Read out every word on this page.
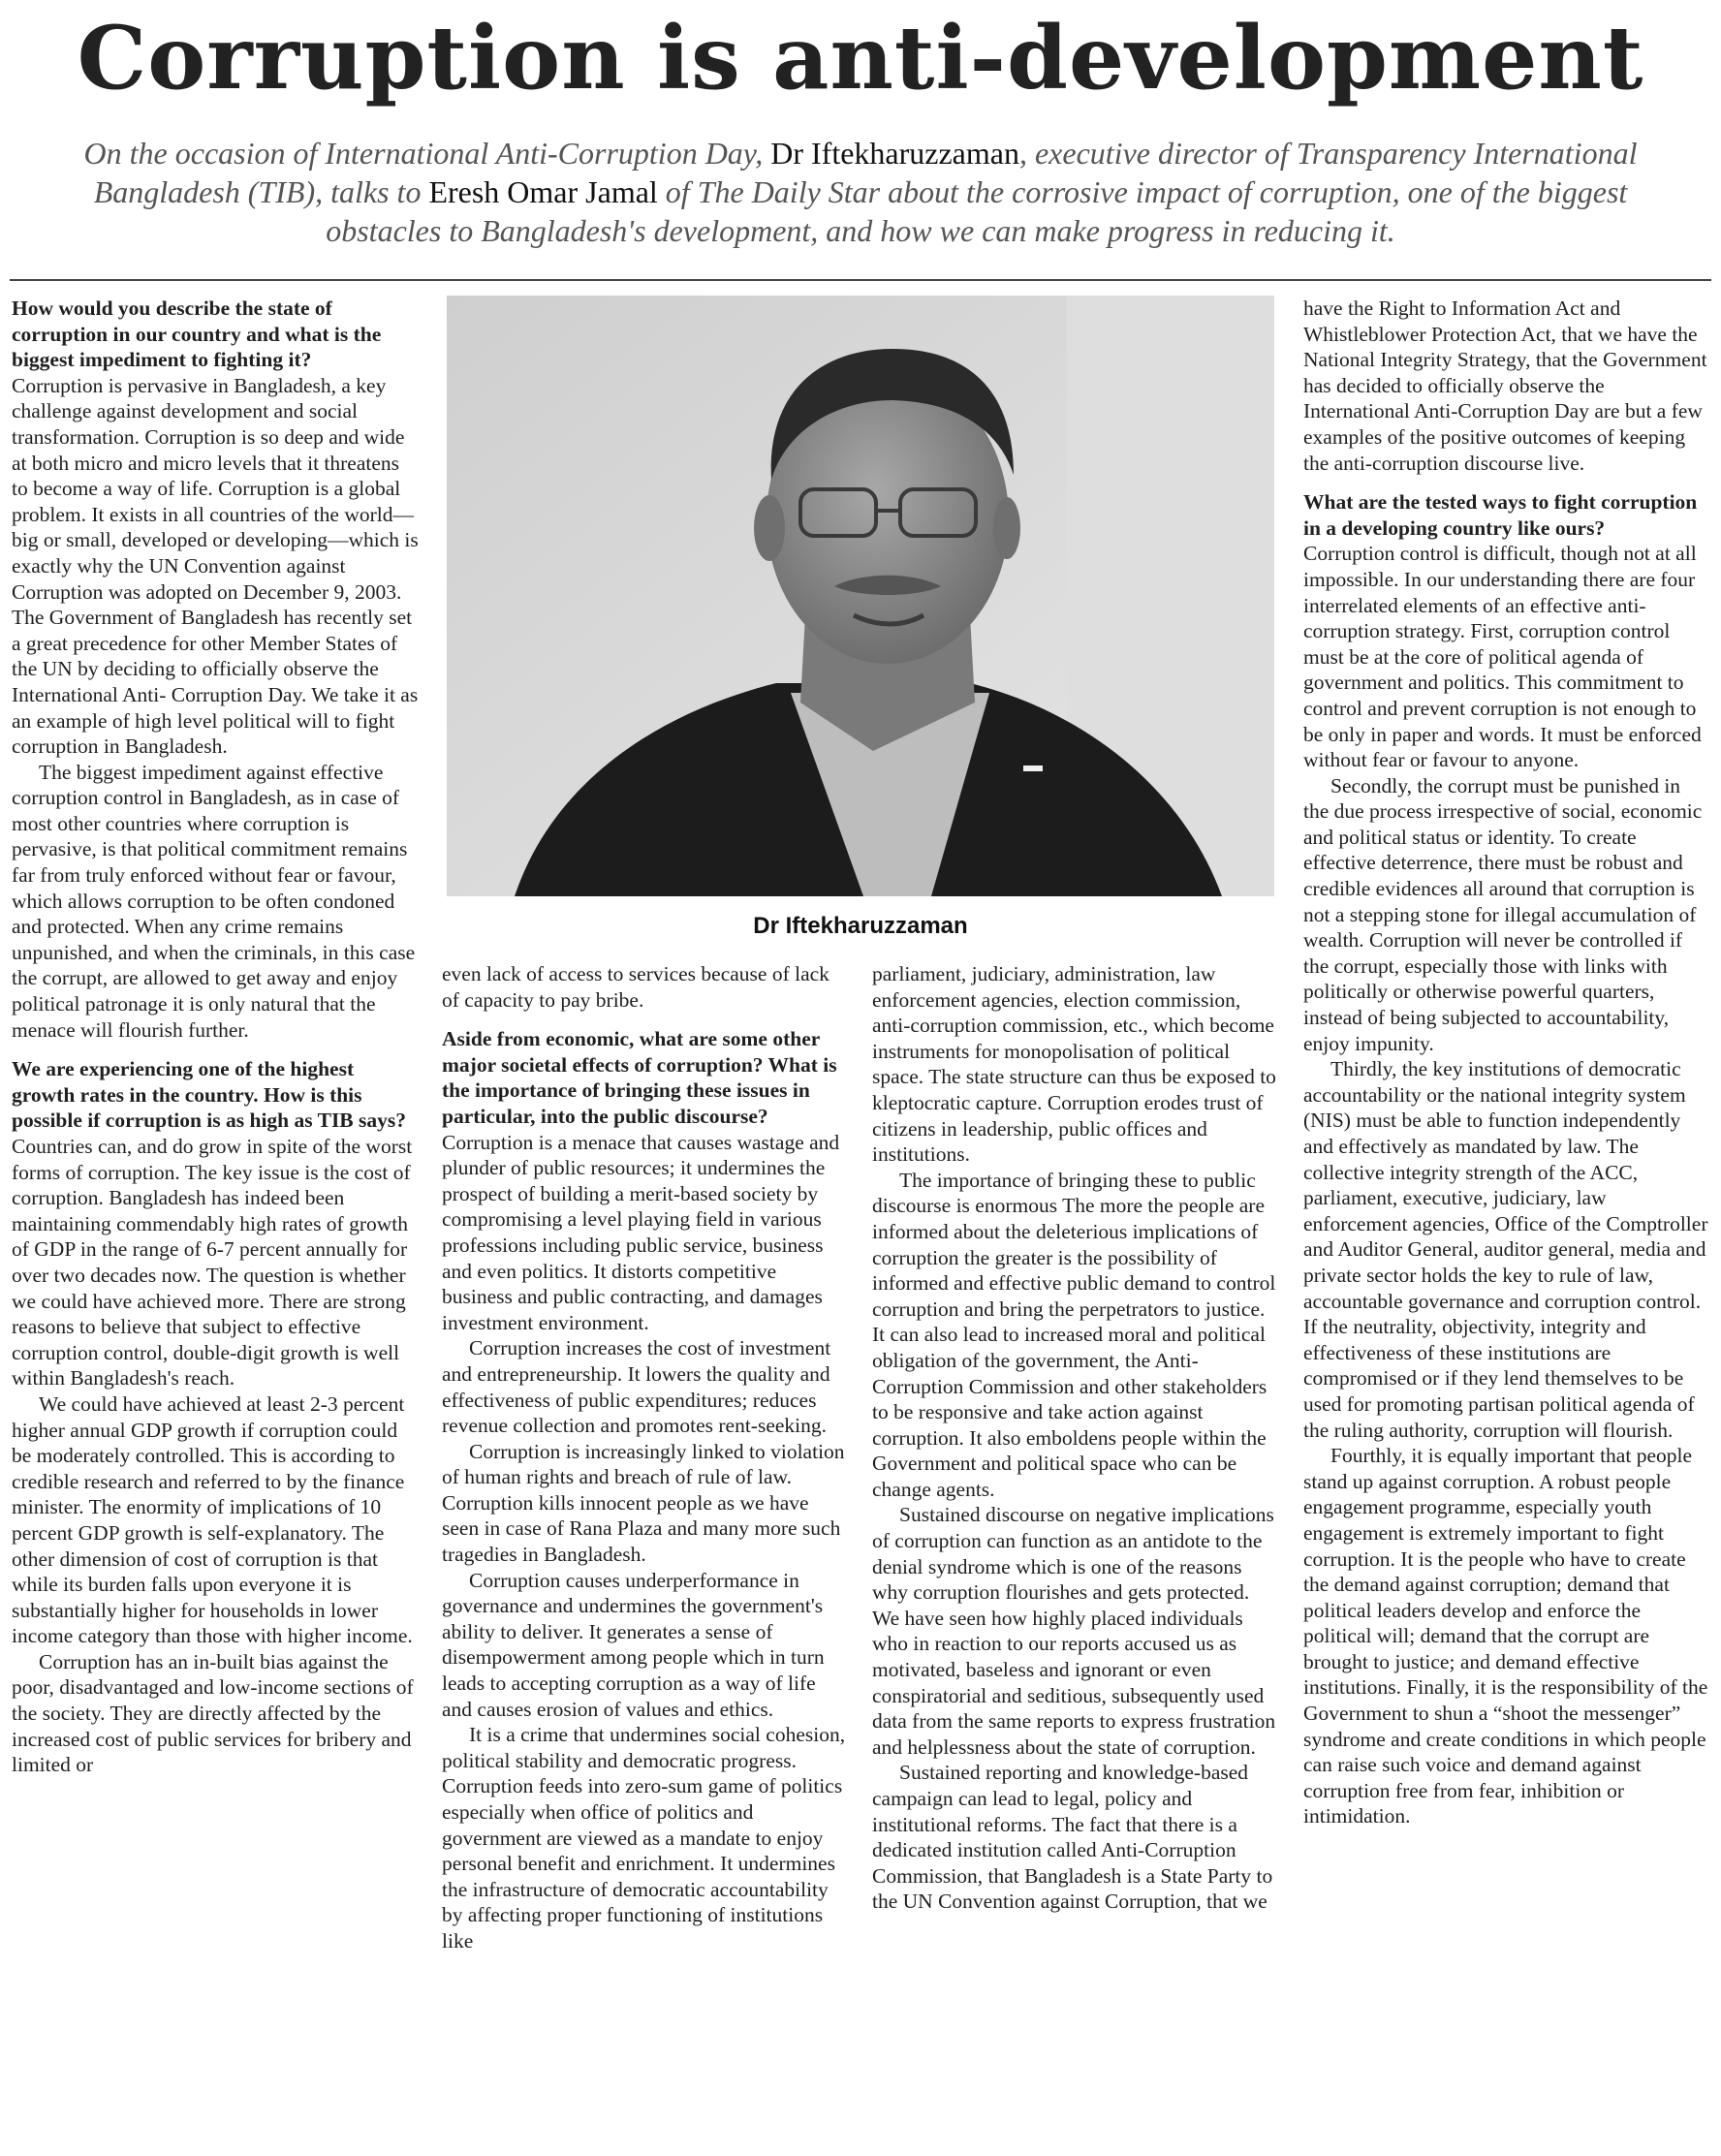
Corruption is anti-development

On the occasion of International Anti-Corruption Day, Dr Iftekharuzzaman, executive director of Transparency International Bangladesh (TIB), talks to Eresh Omar Jamal of The Daily Star about the corrosive impact of corruption, one of the biggest obstacles to Bangladesh's development, and how we can make progress in reducing it.

How would you describe the state of corruption in our country and what is the biggest impediment to fighting it?

Corruption is pervasive in Bangladesh, a key challenge against development and social transformation. Corruption is so deep and wide at both micro and micro levels that it threatens to become a way of life. Corruption is a global problem. It exists in all countries of the world—big or small, developed or developing—which is exactly why the UN Convention against Corruption was adopted on December 9, 2003. The Government of Bangladesh has recently set a great precedence for other Member States of the UN by deciding to officially observe the International Anti- Corruption Day. We take it as an example of high level political will to fight corruption in Bangladesh.

The biggest impediment against effective corruption control in Bangladesh, as in case of most other countries where corruption is pervasive, is that political commitment remains far from truly enforced without fear or favour, which allows corruption to be often condoned and protected. When any crime remains unpunished, and when the criminals, in this case the corrupt, are allowed to get away and enjoy political patronage it is only natural that the menace will flourish further.

We are experiencing one of the highest growth rates in the country. How is this possible if corruption is as high as TIB says?

Countries can, and do grow in spite of the worst forms of corruption. The key issue is the cost of corruption. Bangladesh has indeed been maintaining commendably high rates of growth of GDP in the range of 6-7 percent annually for over two decades now. The question is whether we could have achieved more. There are strong reasons to believe that subject to effective corruption control, double-digit growth is well within Bangladesh's reach.

We could have achieved at least 2-3 percent higher annual GDP growth if corruption could be moderately controlled. This is according to credible research and referred to by the finance minister. The enormity of implications of 10 percent GDP growth is self-explanatory. The other dimension of cost of corruption is that while its burden falls upon everyone it is substantially higher for households in lower income category than those with higher income.

Corruption has an in-built bias against the poor, disadvantaged and low-income sections of the society. They are directly affected by the increased cost of public services for bribery and limited or

Dr Iftekharuzzaman

even lack of access to services because of lack of capacity to pay bribe.

Aside from economic, what are some other major societal effects of corruption? What is the importance of bringing these issues in particular, into the public discourse?

Corruption is a menace that causes wastage and plunder of public resources; it undermines the prospect of building a merit-based society by compromising a level playing field in various professions including public service, business and even politics. It distorts competitive business and public contracting, and damages investment environment.

Corruption increases the cost of investment and entrepreneurship. It lowers the quality and effectiveness of public expenditures; reduces revenue collection and promotes rent-seeking.

Corruption is increasingly linked to violation of human rights and breach of rule of law. Corruption kills innocent people as we have seen in case of Rana Plaza and many more such tragedies in Bangladesh.

Corruption causes underperformance in governance and undermines the government's ability to deliver. It generates a sense of disempowerment among people which in turn leads to accepting corruption as a way of life and causes erosion of values and ethics.

It is a crime that undermines social cohesion, political stability and democratic progress. Corruption feeds into zero-sum game of politics especially when office of politics and government are viewed as a mandate to enjoy personal benefit and enrichment. It undermines the infrastructure of democratic accountability by affecting proper functioning of institutions like

parliament, judiciary, administration, law enforcement agencies, election commission, anti-corruption commission, etc., which become instruments for monopolisation of political space. The state structure can thus be exposed to kleptocratic capture. Corruption erodes trust of citizens in leadership, public offices and institutions.

The importance of bringing these to public discourse is enormous The more the people are informed about the deleterious implications of corruption the greater is the possibility of informed and effective public demand to control corruption and bring the perpetrators to justice. It can also lead to increased moral and political obligation of the government, the Anti-Corruption Commission and other stakeholders to be responsive and take action against corruption. It also emboldens people within the Government and political space who can be change agents.

Sustained discourse on negative implications of corruption can function as an antidote to the denial syndrome which is one of the reasons why corruption flourishes and gets protected. We have seen how highly placed individuals who in reaction to our reports accused us as motivated, baseless and ignorant or even conspiratorial and seditious, subsequently used data from the same reports to express frustration and helplessness about the state of corruption.

Sustained reporting and knowledge-based campaign can lead to legal, policy and institutional reforms. The fact that there is a dedicated institution called Anti-Corruption Commission, that Bangladesh is a State Party to the UN Convention against Corruption, that we

have the Right to Information Act and Whistleblower Protection Act, that we have the National Integrity Strategy, that the Government has decided to officially observe the International Anti-Corruption Day are but a few examples of the positive outcomes of keeping the anti-corruption discourse live.

What are the tested ways to fight corruption in a developing country like ours?

Corruption control is difficult, though not at all impossible. In our understanding there are four interrelated elements of an effective anti-corruption strategy. First, corruption control must be at the core of political agenda of government and politics. This commitment to control and prevent corruption is not enough to be only in paper and words. It must be enforced without fear or favour to anyone.

Secondly, the corrupt must be punished in the due process irrespective of social, economic and political status or identity. To create effective deterrence, there must be robust and credible evidences all around that corruption is not a stepping stone for illegal accumulation of wealth. Corruption will never be controlled if the corrupt, especially those with links with politically or otherwise powerful quarters, instead of being subjected to accountability, enjoy impunity.

Thirdly, the key institutions of democratic accountability or the national integrity system (NIS) must be able to function independently and effectively as mandated by law. The collective integrity strength of the ACC, parliament, executive, judiciary, law enforcement agencies, Office of the Comptroller and Auditor General, auditor general, media and private sector holds the key to rule of law, accountable governance and corruption control. If the neutrality, objectivity, integrity and effectiveness of these institutions are compromised or if they lend themselves to be used for promoting partisan political agenda of the ruling authority, corruption will flourish.

Fourthly, it is equally important that people stand up against corruption. A robust people engagement programme, especially youth engagement is extremely important to fight corruption. It is the people who have to create the demand against corruption; demand that political leaders develop and enforce the political will; demand that the corrupt are brought to justice; and demand effective institutions. Finally, it is the responsibility of the Government to shun a “shoot the messenger” syndrome and create conditions in which people can raise such voice and demand against corruption free from fear, inhibition or intimidation.
